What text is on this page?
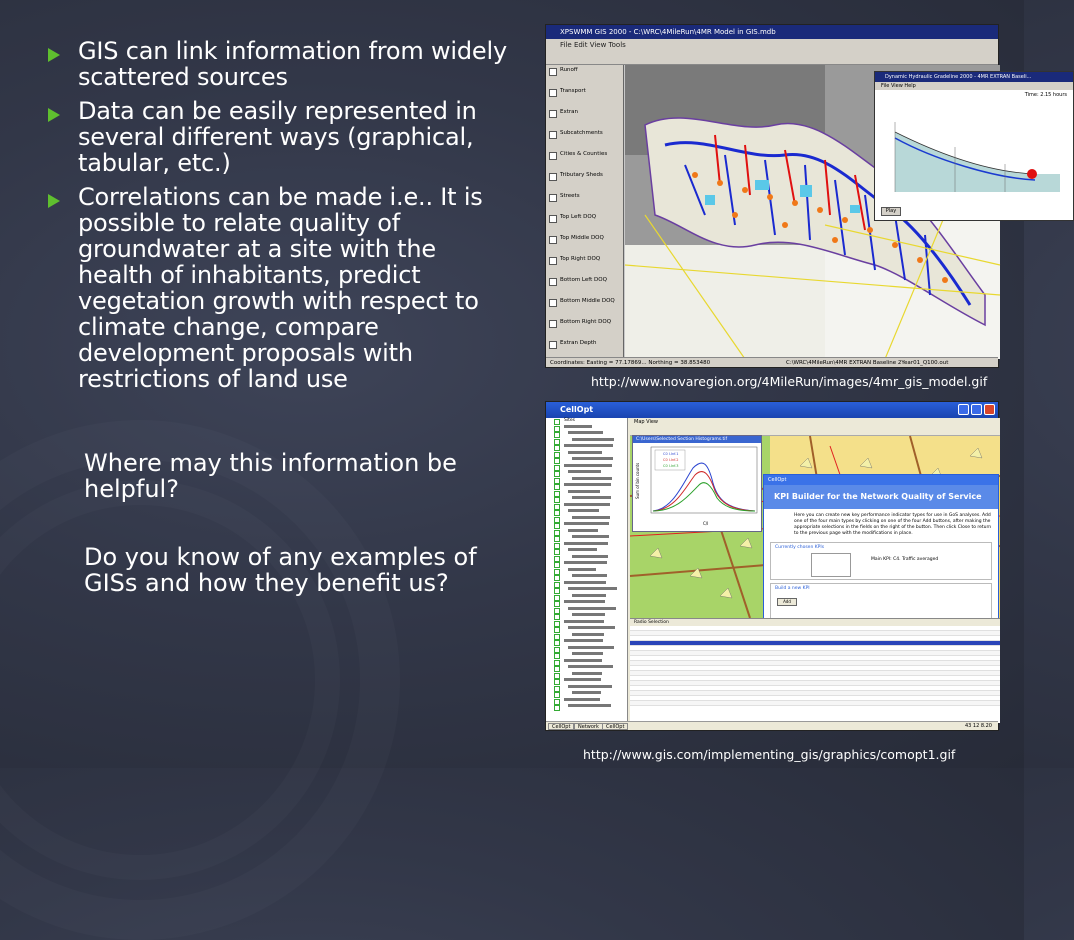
GIS can link information from widely scattered sources
Data can be easily represented in several different ways (graphical, tabular, etc.)
Correlations can be made i.e.. It is possible to relate quality of groundwater at a site with the health of inhabitants, predict vegetation growth with respect to climate change, compare development proposals with restrictions of land use
Where may this information be helpful?
Do you know of any examples of GISs and how they benefit us?
XPSWMM GIS 2000 - C:\WRC\4MileRun\4MR Model in GIS.mdb
File Edit View Tools
Runoff
Transport
Extran
Subcatchments
Cities & Counties
Tributary Sheds
Streets
Top Left DOQ
Top Middle DOQ
Top Right DOQ
Bottom Left DOQ
Bottom Middle DOQ
Bottom Right DOQ
Extran Depth
Dynamic Hydraulic Gradeline 2000 - 4MR EXTRAN Baseli...
File View Help
Time: 2.15 hours
Play
Coordinates: Easting = 77.17869... Northing = 38.853480	C:\WRC\4MileRun\4MR EXTRAN Baseline 2Year01_Q100.out
http://www.novaregion.org/4MileRun/images/4mr_gis_model.gif
CellOpt
Sites	Map View
C:\Users\Selected Section Histograms.tif
Sum of bin counts
C/I
C0 I.Inf.1
C0 I.Inf.2
C0 I.Inf.3
CellOpt
KPI Builder for the Network Quality of Service Analysis
Here you can create new key performance indicator types for use in GoS analyses. Add one of the four main types by clicking on one of the four Add buttons, after making the appropriate selections in the fields on the right of the button. Then click Close to return to the previous page with the modifications in place.
Currently chosen KPIs
Main KPI: C4. Traffic averaged
Build a new KPI
Add
Radio Selection
CellOpt	Network	CellOpt	43 12 8.20
http://www.gis.com/implementing_gis/graphics/comopt1.gif
